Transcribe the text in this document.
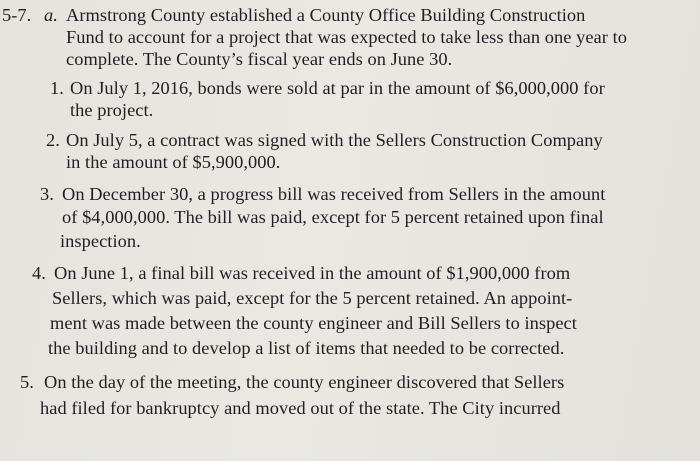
5-7. a. Armstrong County established a County Office Building Construction
Fund to account for a project that was expected to take less than one year to
complete. The County’s fiscal year ends on June 30.
1. On July 1, 2016, bonds were sold at par in the amount of $6,000,000 for
the project.
2. On July 5, a contract was signed with the Sellers Construction Company
in the amount of $5,900,000.
3. On December 30, a progress bill was received from Sellers in the amount
of $4,000,000. The bill was paid, except for 5 percent retained upon final
inspection.
4. On June 1, a final bill was received in the amount of $1,900,000 from
Sellers, which was paid, except for the 5 percent retained. An appoint-
ment was made between the county engineer and Bill Sellers to inspect
the building and to develop a list of items that needed to be corrected.
5. On the day of the meeting, the county engineer discovered that Sellers
had filed for bankruptcy and moved out of the state. The City incurred
